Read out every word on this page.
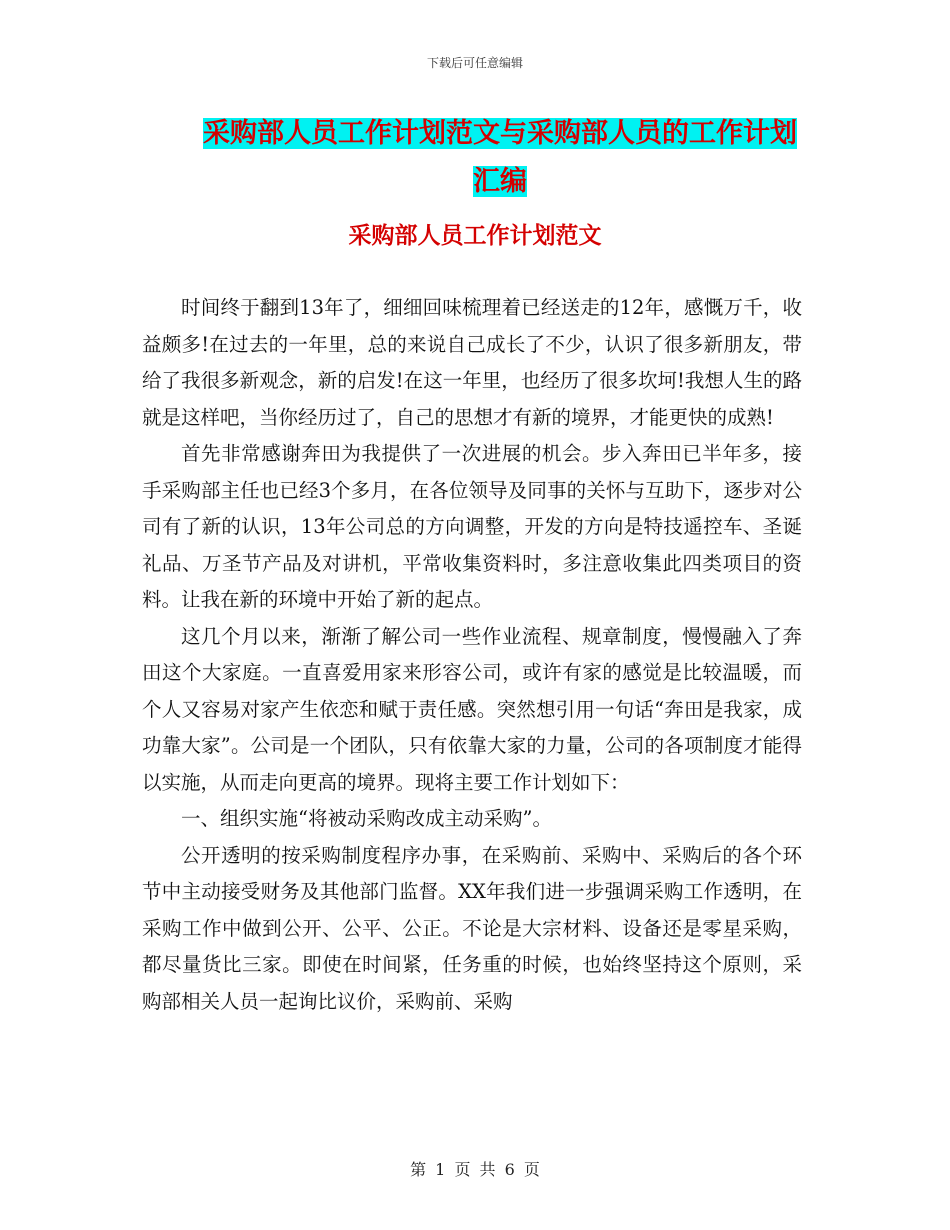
下载后可任意编辑
采购部人员工作计划范文与采购部人员的工作计划汇编
采购部人员工作计划范文

时间终于翻到13年了，细细回味梳理着已经送走的12年，感慨万千，收益颇多!在过去的一年里，总的来说自己成长了不少，认识了很多新朋友，带给了我很多新观念，新的启发!在这一年里，也经历了很多坎坷!我想人生的路就是这样吧，当你经历过了，自己的思想才有新的境界，才能更快的成熟!

首先非常感谢奔田为我提供了一次进展的机会。步入奔田已半年多，接手采购部主任也已经3个多月，在各位领导及同事的关怀与互助下，逐步对公司有了新的认识，13年公司总的方向调整，开发的方向是特技遥控车、圣诞礼品、万圣节产品及对讲机，平常收集资料时，多注意收集此四类项目的资料。让我在新的环境中开始了新的起点。

这几个月以来，渐渐了解公司一些作业流程、规章制度，慢慢融入了奔田这个大家庭。一直喜爱用家来形容公司，或许有家的感觉是比较温暖，而个人又容易对家产生依恋和赋于责任感。突然想引用一句话“奔田是我家，成功靠大家”。公司是一个团队，只有依靠大家的力量，公司的各项制度才能得以实施，从而走向更高的境界。现将主要工作计划如下：

一、组织实施“将被动采购改成主动采购”。

公开透明的按采购制度程序办事，在采购前、采购中、采购后的各个环节中主动接受财务及其他部门监督。XX年我们进一步强调采购工作透明，在采购工作中做到公开、公平、公正。不论是大宗材料、设备还是零星采购，都尽量货比三家。即使在时间紧，任务重的时候，也始终坚持这个原则，采购部相关人员一起询比议价，采购前、采购

第 1 页 共 6 页
